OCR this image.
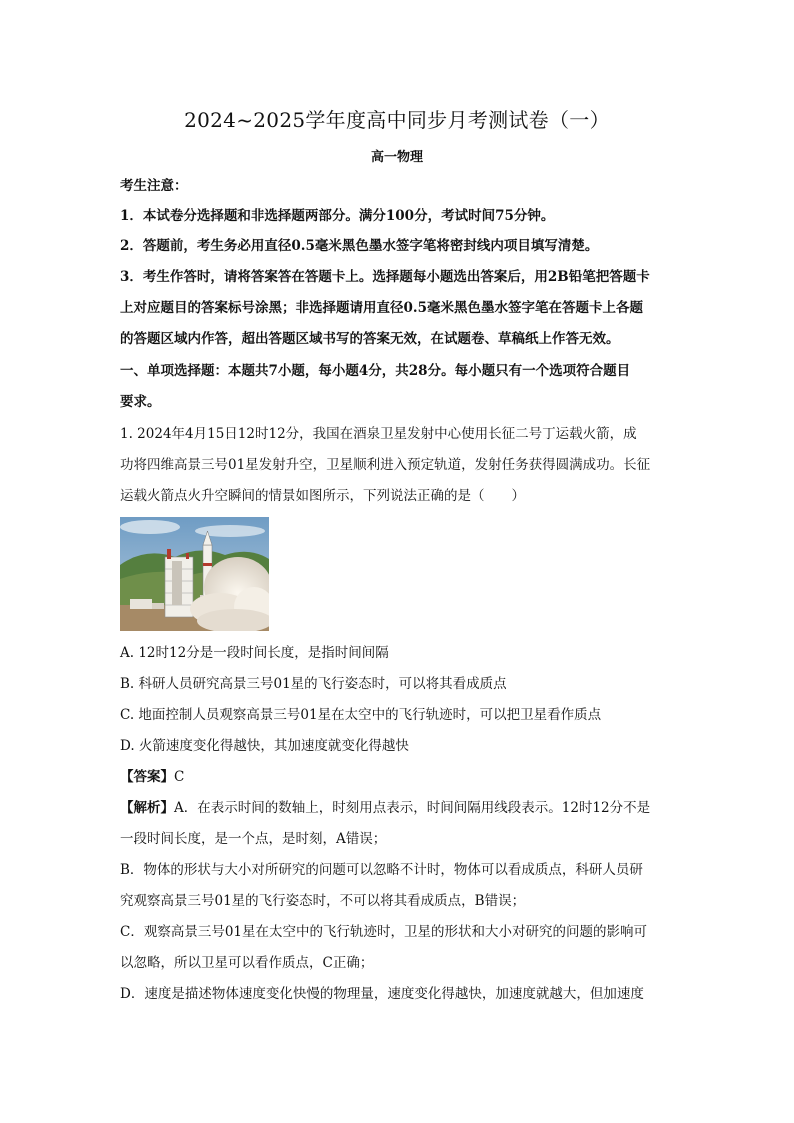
2024~2025学年度高中同步月考测试卷（一）
高一物理
考生注意：
1．本试卷分选择题和非选择题两部分。满分100分，考试时间75分钟。
2．答题前，考生务必用直径0.5毫米黑色墨水签字笔将密封线内项目填写清楚。
3．考生作答时，请将答案答在答题卡上。选择题每小题选出答案后，用2B铅笔把答题卡
上对应题目的答案标号涂黑；非选择题请用直径0.5毫米黑色墨水签字笔在答题卡上各题
的答题区域内作答，超出答题区域书写的答案无效，在试题卷、草稿纸上作答无效。
一、单项选择题：本题共7小题，每小题4分，共28分。每小题只有一个选项符合题目
要求。
1. 2024年4月15日12时12分，我国在酒泉卫星发射中心使用长征二号丁运载火箭，成
功将四维高景三号01星发射升空，卫星顺利进入预定轨道，发射任务获得圆满成功。长征
运载火箭点火升空瞬间的情景如图所示，下列说法正确的是（　　）
A. 12时12分是一段时间长度，是指时间间隔
B. 科研人员研究高景三号01星的飞行姿态时，可以将其看成质点
C. 地面控制人员观察高景三号01星在太空中的飞行轨迹时，可以把卫星看作质点
D. 火箭速度变化得越快，其加速度就变化得越快
【答案】C
【解析】A．在表示时间的数轴上，时刻用点表示，时间间隔用线段表示。12时12分不是
一段时间长度，是一个点，是时刻，A错误；
B．物体的形状与大小对所研究的问题可以忽略不计时，物体可以看成质点，科研人员研
究观察高景三号01星的飞行姿态时，不可以将其看成质点，B错误；
C．观察高景三号01星在太空中的飞行轨迹时，卫星的形状和大小对研究的问题的影响可
以忽略，所以卫星可以看作质点，C正确；
D．速度是描述物体速度变化快慢的物理量，速度变化得越快，加速度就越大，但加速度
